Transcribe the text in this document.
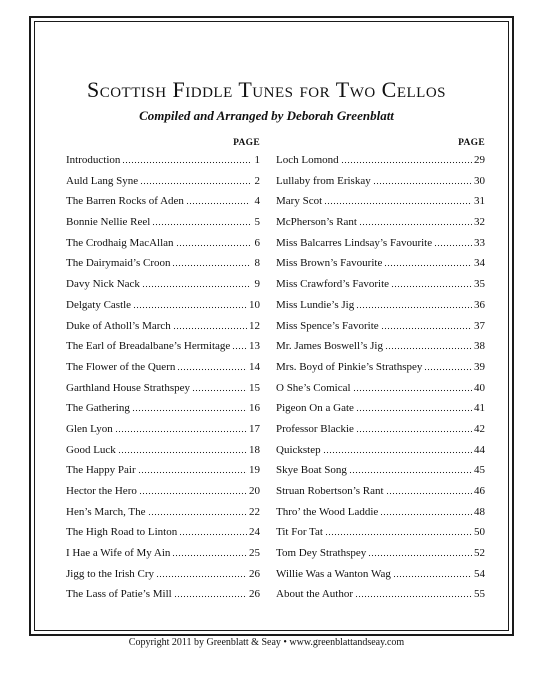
Scottish Fiddle Tunes for Two Cellos
Compiled and Arranged by Deborah Greenblatt
PAGE
Introduction	1
Auld Lang Syne	2
The Barren Rocks of Aden	4
Bonnie Nellie Reel	5
The Crodhaig MacAllan	6
The Dairymaid’s Croon	8
Davy Nick Nack	9
Delgaty Castle	10
Duke of Atholl’s March	12
The Earl of Breadalbane’s Hermitage 13
The Flower of the Quern	14
Garthland House Strathspey	15
The Gathering	16
Glen Lyon	17
Good Luck	18
The Happy Pair	19
Hector the Hero	20
Hen’s March, The	22
The High Road to Linton	24
I Hae a Wife of My Ain	25
Jigg to the Irish Cry	26
The Lass of Patie’s Mill	26
PAGE
Loch Lomond	29
Lullaby from Eriskay	30
Mary Scot	31
McPherson’s Rant	32
Miss Balcarres Lindsay’s Favourite	33
Miss Brown’s Favourite	34
Miss Crawford’s Favorite	35
Miss Lundie’s Jig	36
Miss Spence’s Favorite	37
Mr. James Boswell’s Jig	38
Mrs. Boyd of Pinkie’s Strathspey	39
O She’s Comical	40
Pigeon On a Gate	41
Professor Blackie	42
Quickstep	44
Skye Boat Song	45
Struan Robertson’s Rant	46
Thro’ the Wood Laddie	48
Tit For Tat	50
Tom Dey Strathspey	52
Willie Was a Wanton Wag	54
About the Author	55
Copyright 2011 by Greenblatt & Seay • www.greenblattandseay.com
